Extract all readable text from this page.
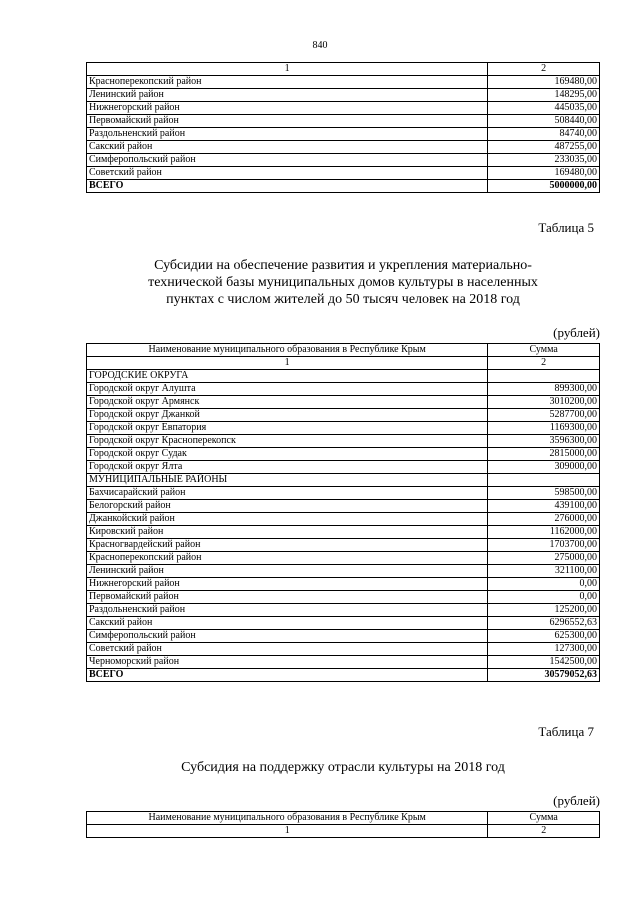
840
1	2
Красноперекопский район	169480,00
Ленинский район	148295,00
Нижнегорский район	445035,00
Первомайский район	508440,00
Раздольненский район	84740,00
Сакский район	487255,00
Симферопольский район	233035,00
Советский район	169480,00
ВСЕГО	5000000,00
Таблица 5
Субсидии на обеспечение развития и укрепления материально-
технической базы муниципальных домов культуры в населенных
пунктах с числом жителей до 50 тысяч человек на 2018 год
(рублей)
Наименование муниципального образования в Республике Крым	Сумма
1	2
ГОРОДСКИЕ ОКРУГА	
Городской округ Алушта	899300,00
Городской округ Армянск	3010200,00
Городской округ Джанкой	5287700,00
Городской округ Евпатория	1169300,00
Городской округ Красноперекопск	3596300,00
Городской округ Судак	2815000,00
Городской округ Ялта	309000,00
МУНИЦИПАЛЬНЫЕ РАЙОНЫ	
Бахчисарайский район	598500,00
Белогорский район	439100,00
Джанкойский район	276000,00
Кировский район	1162000,00
Красногвардейский район	1703700,00
Красноперекопский район	275000,00
Ленинский район	321100,00
Нижнегорский район	0,00
Первомайский район	0,00
Раздольненский район	125200,00
Сакский район	6296552,63
Симферопольский район	625300,00
Советский район	127300,00
Черноморский район	1542500,00
ВСЕГО	30579052,63
Таблица 7
Субсидия на поддержку отрасли культуры на 2018 год
(рублей)
Наименование муниципального образования в Республике Крым	Сумма
1	2
